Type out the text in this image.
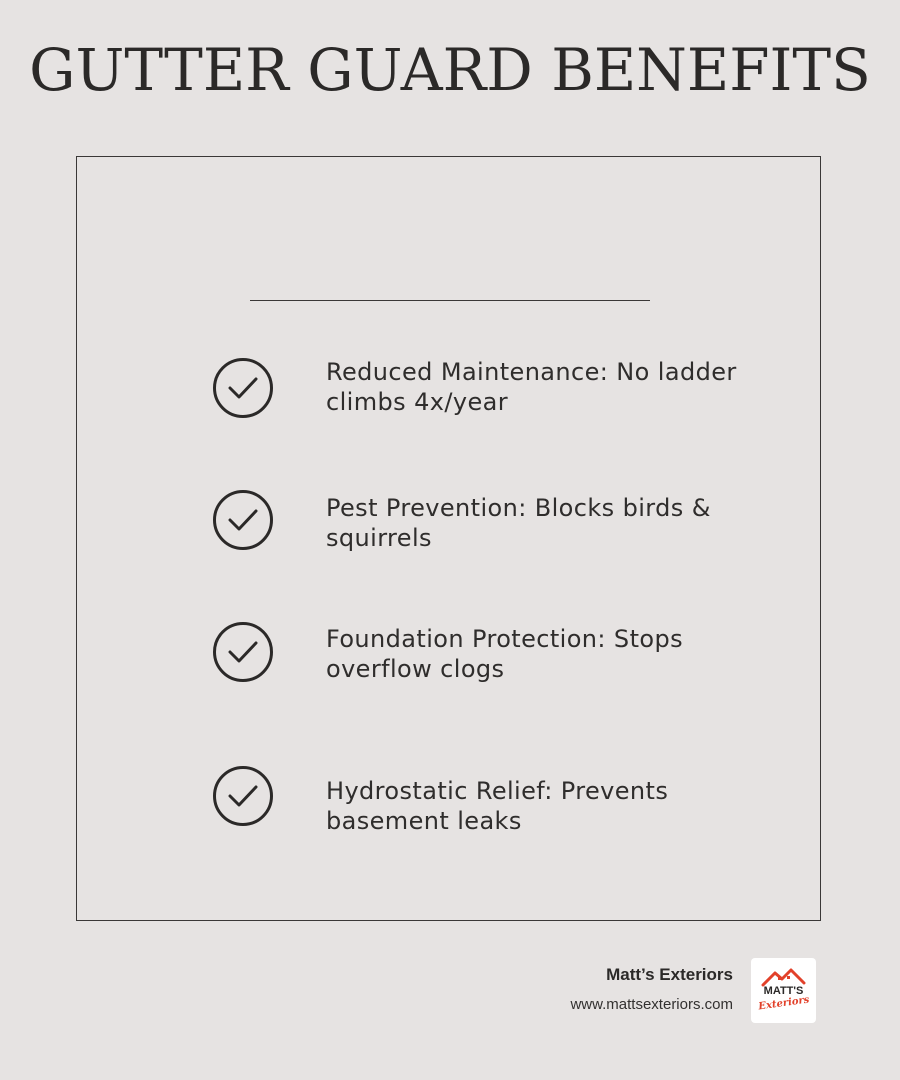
GUTTER GUARD BENEFITS
Reduced Maintenance: No ladder climbs 4x/year
Pest Prevention: Blocks birds & squirrels
Foundation Protection: Stops overflow clogs
Hydrostatic Relief: Prevents basement leaks
Matt’s Exteriors
www.mattsexteriors.com
MATT'S
Exteriors
